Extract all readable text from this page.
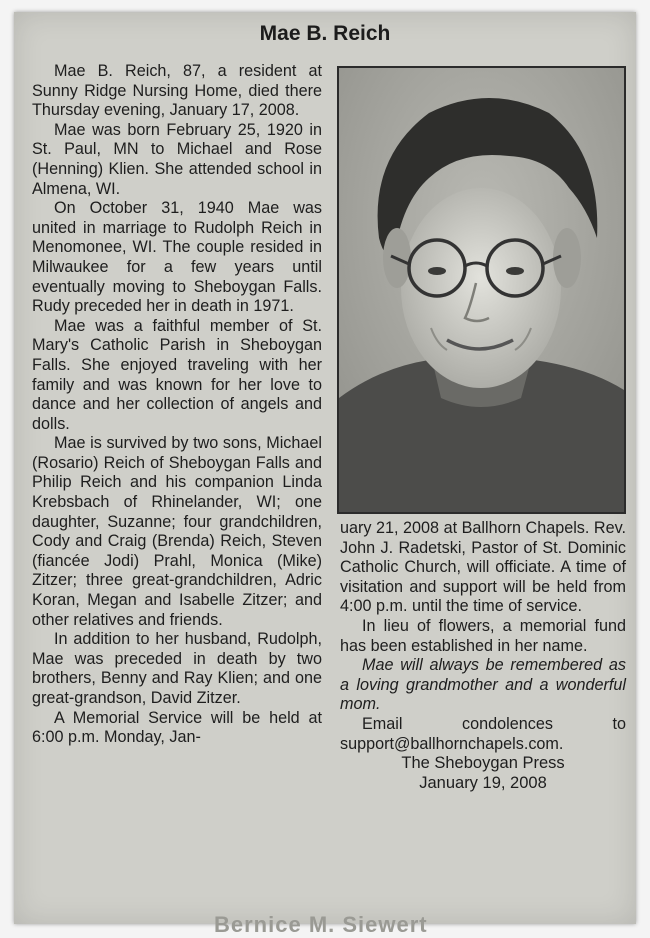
Mae B. Reich

Mae B. Reich, 87, a resident at Sunny Ridge Nursing Home, died there Thursday evening, January 17, 2008.

Mae was born February 25, 1920 in St. Paul, MN to Michael and Rose (Henning) Klien. She attended school in Almena, WI.

On October 31, 1940 Mae was united in marriage to Rudolph Reich in Menomonee, WI. The couple resided in Milwaukee for a few years until eventually moving to Sheboygan Falls. Rudy preceded her in death in 1971.

Mae was a faithful member of St. Mary's Catholic Parish in Sheboygan Falls. She enjoyed traveling with her family and was known for her love to dance and her collection of angels and dolls.

Mae is survived by two sons, Michael (Rosario) Reich of Sheboygan Falls and Philip Reich and his companion Linda Krebsbach of Rhinelander, WI; one daughter, Suzanne; four grandchildren, Cody and Craig (Brenda) Reich, Steven (fiancée Jodi) Prahl, Monica (Mike) Zitzer; three great-grandchildren, Adric Koran, Megan and Isabelle Zitzer; and other relatives and friends.

In addition to her husband, Rudolph, Mae was preceded in death by two brothers, Benny and Ray Klien; and one great-grandson, David Zitzer.

A Memorial Service will be held at 6:00 p.m. Monday, Jan-

uary 21, 2008 at Ballhorn Chapels. Rev. John J. Radetski, Pastor of St. Dominic Catholic Church, will officiate. A time of visitation and support will be held from 4:00 p.m. until the time of service.

In lieu of flowers, a memorial fund has been established in her name.

Mae will always be remembered as a loving grandmother and a wonderful mom.

Email condolences to support@ballhornchapels.com.

The Sheboygan Press
January 19, 2008

Bernice M. Siewert
